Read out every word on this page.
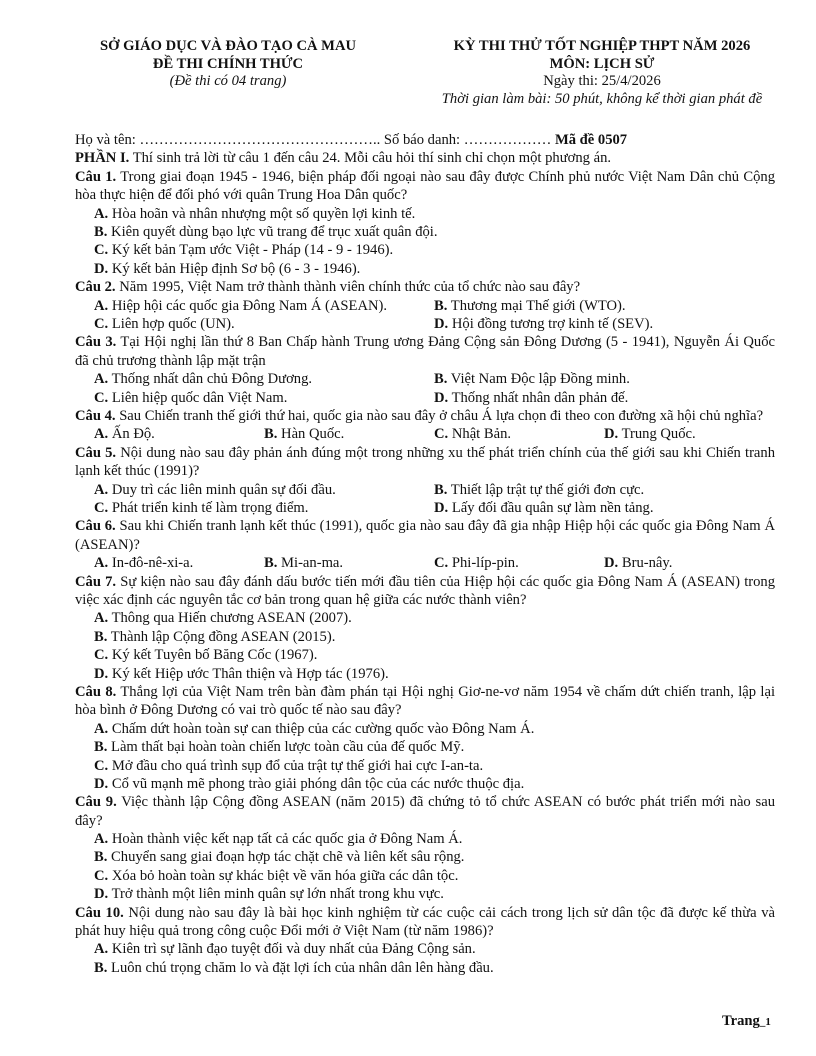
SỞ GIÁO DỤC VÀ ĐÀO TẠO CÀ MAU
ĐỀ THI CHÍNH THỨC
(Đề thi có 04 trang)
KỲ THI THỬ TỐT NGHIỆP THPT NĂM 2026
MÔN: LỊCH SỬ
Ngày thi: 25/4/2026
Thời gian làm bài: 50 phút, không kể thời gian phát đề
Họ và tên: ………………………………………….. Số báo danh: ……………… Mã đề 0507
PHẦN I. Thí sinh trả lời từ câu 1 đến câu 24. Mỗi câu hỏi thí sinh chỉ chọn một phương án.

Câu 1. Trong giai đoạn 1945 - 1946, biện pháp đối ngoại nào sau đây được Chính phủ nước Việt Nam Dân chủ Cộng hòa thực hiện để đối phó với quân Trung Hoa Dân quốc?

A. Hòa hoãn và nhân nhượng một số quyền lợi kinh tế.
B. Kiên quyết dùng bạo lực vũ trang để trục xuất quân đội.
C. Ký kết bản Tạm ước Việt - Pháp (14 - 9 - 1946).
D. Ký kết bản Hiệp định Sơ bộ (6 - 3 - 1946).

Câu 2. Năm 1995, Việt Nam trở thành thành viên chính thức của tổ chức nào sau đây?

A. Hiệp hội các quốc gia Đông Nam Á (ASEAN).	B. Thương mại Thế giới (WTO).
C. Liên hợp quốc (UN).	D. Hội đồng tương trợ kinh tế (SEV).

Câu 3. Tại Hội nghị lần thứ 8 Ban Chấp hành Trung ương Đảng Cộng sản Đông Dương (5 - 1941), Nguyễn Ái Quốc đã chủ trương thành lập mặt trận

A. Thống nhất dân chủ Đông Dương.	B. Việt Nam Độc lập Đồng minh.
C. Liên hiệp quốc dân Việt Nam.	D. Thống nhất nhân dân phản đế.

Câu 4. Sau Chiến tranh thế giới thứ hai, quốc gia nào sau đây ở châu Á lựa chọn đi theo con đường xã hội chủ nghĩa?

A. Ấn Độ.	B. Hàn Quốc.	C. Nhật Bản.	D. Trung Quốc.

Câu 5. Nội dung nào sau đây phản ánh đúng một trong những xu thế phát triển chính của thế giới sau khi Chiến tranh lạnh kết thúc (1991)?

A. Duy trì các liên minh quân sự đối đầu.	B. Thiết lập trật tự thế giới đơn cực.
C. Phát triển kinh tế làm trọng điểm.	D. Lấy đối đầu quân sự làm nền tảng.

Câu 6. Sau khi Chiến tranh lạnh kết thúc (1991), quốc gia nào sau đây đã gia nhập Hiệp hội các quốc gia Đông Nam Á (ASEAN)?

A. In-đô-nê-xi-a.	B. Mi-an-ma.	C. Phi-líp-pin.	D. Bru-nây.

Câu 7. Sự kiện nào sau đây đánh dấu bước tiến mới đầu tiên của Hiệp hội các quốc gia Đông Nam Á (ASEAN) trong việc xác định các nguyên tắc cơ bản trong quan hệ giữa các nước thành viên?

A. Thông qua Hiến chương ASEAN (2007).
B. Thành lập Cộng đồng ASEAN (2015).
C. Ký kết Tuyên bố Băng Cốc (1967).
D. Ký kết Hiệp ước Thân thiện và Hợp tác (1976).

Câu 8. Thắng lợi của Việt Nam trên bàn đàm phán tại Hội nghị Giơ-ne-vơ năm 1954 về chấm dứt chiến tranh, lập lại hòa bình ở Đông Dương có vai trò quốc tế nào sau đây?

A. Chấm dứt hoàn toàn sự can thiệp của các cường quốc vào Đông Nam Á.
B. Làm thất bại hoàn toàn chiến lược toàn cầu của đế quốc Mỹ.
C. Mở đầu cho quá trình sụp đổ của trật tự thế giới hai cực I-an-ta.
D. Cổ vũ mạnh mẽ phong trào giải phóng dân tộc của các nước thuộc địa.

Câu 9. Việc thành lập Cộng đồng ASEAN (năm 2015) đã chứng tỏ tổ chức ASEAN có bước phát triển mới nào sau đây?

A. Hoàn thành việc kết nạp tất cả các quốc gia ở Đông Nam Á.
B. Chuyển sang giai đoạn hợp tác chặt chẽ và liên kết sâu rộng.
C. Xóa bỏ hoàn toàn sự khác biệt về văn hóa giữa các dân tộc.
D. Trở thành một liên minh quân sự lớn nhất trong khu vực.

Câu 10. Nội dung nào sau đây là bài học kinh nghiệm từ các cuộc cải cách trong lịch sử dân tộc đã được kế thừa và phát huy hiệu quả trong công cuộc Đổi mới ở Việt Nam (từ năm 1986)?

A. Kiên trì sự lãnh đạo tuyệt đối và duy nhất của Đảng Cộng sản.
B. Luôn chú trọng chăm lo và đặt lợi ích của nhân dân lên hàng đầu.
Trang_1
